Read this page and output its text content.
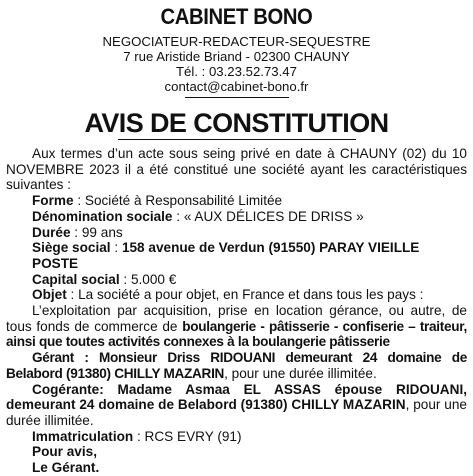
CABINET BONO
NEGOCIATEUR-REDACTEUR-SEQUESTRE
7 rue Aristide Briand - 02300 CHAUNY
Tél. : 03.23.52.73.47
contact@cabinet-bono.fr
AVIS DE CONSTITUTION

Aux termes d’un acte sous seing privé en date à CHAUNY (02) du 10 NOVEMBRE 2023 il a été constitué une société ayant les caractéristiques suivantes :

Forme : Société à Responsabilité Limitée

Dénomination sociale : « AUX DÉLICES DE DRISS »

Durée : 99 ans

Siège social : 158 avenue de Verdun (91550) PARAY VIEILLE POSTE

Capital social : 5.000 €

Objet : La société a pour objet, en France et dans tous les pays :

L’exploitation par acquisition, prise en location gérance, ou autre, de tous fonds de commerce de boulangerie - pâtisserie - confiserie – traiteur, ainsi que toutes activités connexes à la boulangerie pâtisserie

Gérant : Monsieur Driss RIDOUANI demeurant 24 domaine de Belabord (91380) CHILLY MAZARIN, pour une durée illimitée.

Cogérante: Madame Asmaa EL ASSAS épouse RIDOUANI, demeurant 24 domaine de Belabord (91380) CHILLY MAZARIN, pour une durée illimitée.

Immatriculation : RCS EVRY (91)

Pour avis,

Le Gérant.
